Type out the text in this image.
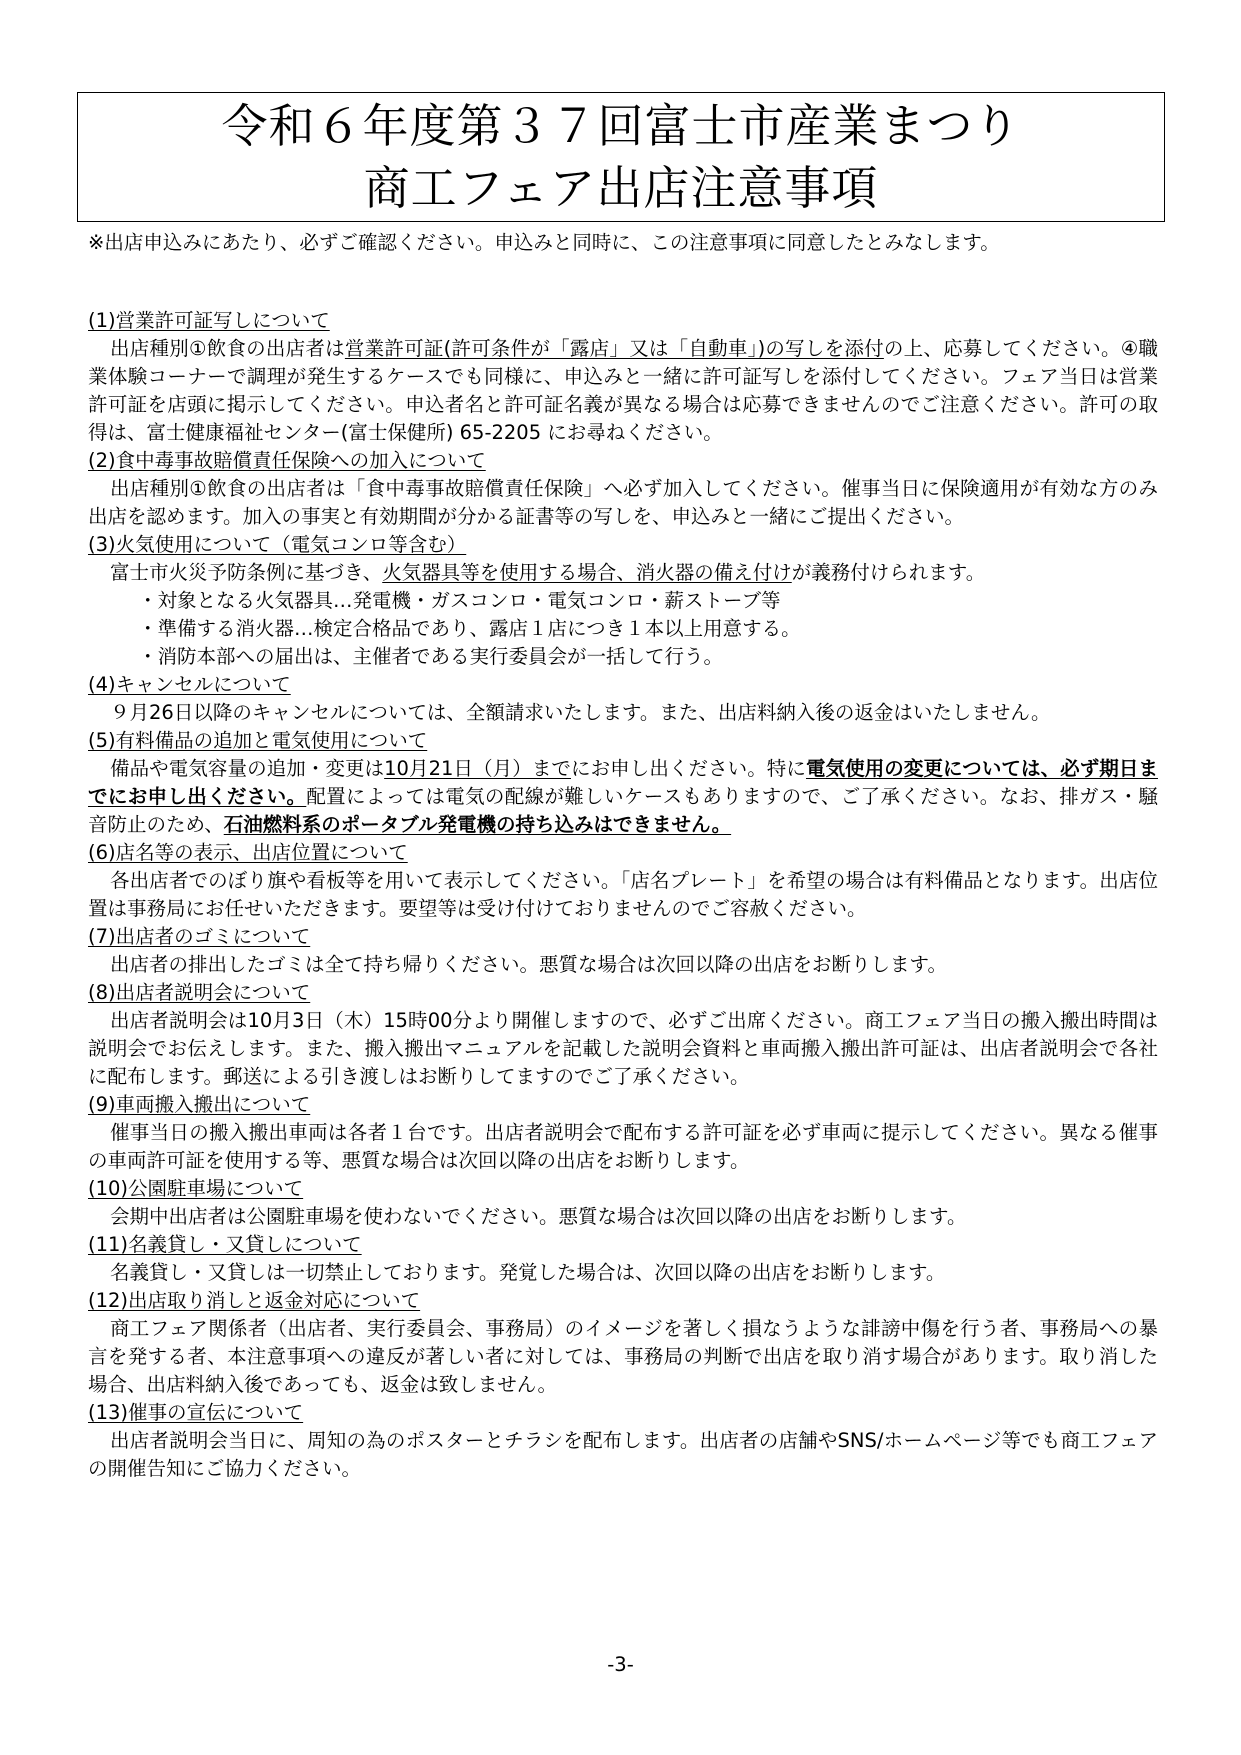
令和６年度第３７回富士市産業まつり
商工フェア出店注意事項
※出店申込みにあたり、必ずご確認ください。申込みと同時に、この注意事項に同意したとみなします。
(1)営業許可証写しについて
出店種別①飲食の出店者は営業許可証(許可条件が「露店」又は「自動車」)の写しを添付の上、応募してください。④職業体験コーナーで調理が発生するケースでも同様に、申込みと一緒に許可証写しを添付してください。フェア当日は営業許可証を店頭に掲示してください。申込者名と許可証名義が異なる場合は応募できませんのでご注意ください。許可の取得は、富士健康福祉センター(富士保健所) 65-2205 にお尋ねください。
(2)食中毒事故賠償責任保険への加入について
出店種別①飲食の出店者は「食中毒事故賠償責任保険」へ必ず加入してください。催事当日に保険適用が有効な方のみ出店を認めます。加入の事実と有効期間が分かる証書等の写しを、申込みと一緒にご提出ください。
(3)火気使用について（電気コンロ等含む）
富士市火災予防条例に基づき、火気器具等を使用する場合、消火器の備え付けが義務付けられます。
・対象となる火気器具…発電機・ガスコンロ・電気コンロ・薪ストーブ等
・準備する消火器…検定合格品であり、露店１店につき１本以上用意する。
・消防本部への届出は、主催者である実行委員会が一括して行う。
(4)キャンセルについて
９月26日以降のキャンセルについては、全額請求いたします。また、出店料納入後の返金はいたしません。
(5)有料備品の追加と電気使用について
備品や電気容量の追加・変更は10月21日（月）までにお申し出ください。特に電気使用の変更については、必ず期日までにお申し出ください。配置によっては電気の配線が難しいケースもありますので、ご了承ください。なお、排ガス・騒音防止のため、石油燃料系のポータブル発電機の持ち込みはできません。
(6)店名等の表示、出店位置について
各出店者でのぼり旗や看板等を用いて表示してください。「店名プレート」を希望の場合は有料備品となります。出店位置は事務局にお任せいただきます。要望等は受け付けておりませんのでご容赦ください。
(7)出店者のゴミについて
出店者の排出したゴミは全て持ち帰りください。悪質な場合は次回以降の出店をお断りします。
(8)出店者説明会について
出店者説明会は10月3日（木）15時00分より開催しますので、必ずご出席ください。商工フェア当日の搬入搬出時間は説明会でお伝えします。また、搬入搬出マニュアルを記載した説明会資料と車両搬入搬出許可証は、出店者説明会で各社に配布します。郵送による引き渡しはお断りしてますのでご了承ください。
(9)車両搬入搬出について
催事当日の搬入搬出車両は各者１台です。出店者説明会で配布する許可証を必ず車両に提示してください。異なる催事の車両許可証を使用する等、悪質な場合は次回以降の出店をお断りします。
(10)公園駐車場について
会期中出店者は公園駐車場を使わないでください。悪質な場合は次回以降の出店をお断りします。
(11)名義貸し・又貸しについて
名義貸し・又貸しは一切禁止しております。発覚した場合は、次回以降の出店をお断りします。
(12)出店取り消しと返金対応について
商工フェア関係者（出店者、実行委員会、事務局）のイメージを著しく損なうような誹謗中傷を行う者、事務局への暴言を発する者、本注意事項への違反が著しい者に対しては、事務局の判断で出店を取り消す場合があります。取り消した場合、出店料納入後であっても、返金は致しません。
(13)催事の宣伝について
出店者説明会当日に、周知の為のポスターとチラシを配布します。出店者の店舗やSNS/ホームページ等でも商工フェアの開催告知にご協力ください。
-3-
